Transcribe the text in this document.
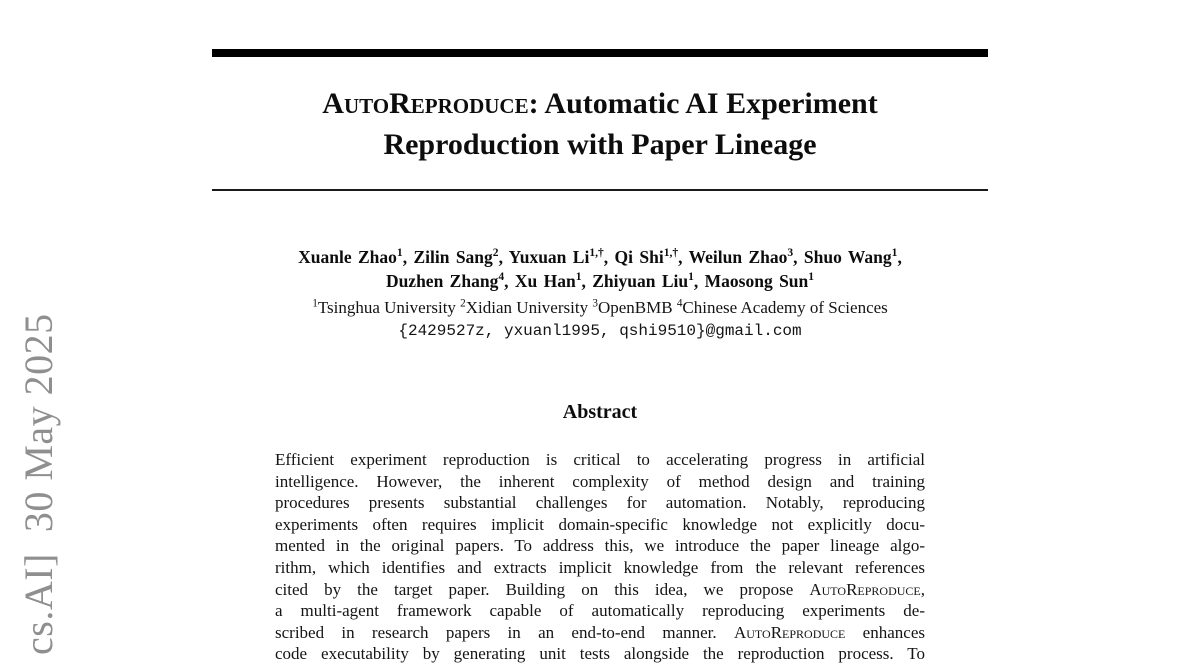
cs.AI]  30 May 2025
AutoReproduce: Automatic AI Experiment
Reproduction with Paper Lineage
Xuanle Zhao$^1$, Zilin Sang$^2$, Yuxuan $Li^{1,\dagger}$, Qi Shi$^{1,\dagger}$, Weilun Zhao$^3$, Shuo Wang$^1$,
Duzhen Zhang$^4$, Xu Han$^1$, Zhiyuan Liu$^1$, Maosong Sun$^1$
$^1$Tsinghua University $^2$Xidian University $^3$OpenBMB $^4$Chinese Academy of Sciences
{2429527z, yxuanl1995, qshi9510}@gmail.com
Abstract
Efficient experiment reproduction is critical to accelerating progress in artificial
intelligence. However, the inherent complexity of method design and training
procedures presents substantial challenges for automation. Notably, reproducing
experiments often requires implicit domain-specific knowledge not explicitly docu-
mented in the original papers. To address this, we introduce the paper lineage algo-
rithm, which identifies and extracts implicit knowledge from the relevant references
cited by the target paper. Building on this idea, we propose AutoReproduce,
a multi-agent framework capable of automatically reproducing experiments de-
scribed in research papers in an end-to-end manner. AutoReproduce enhances
code executability by generating unit tests alongside the reproduction process. To
